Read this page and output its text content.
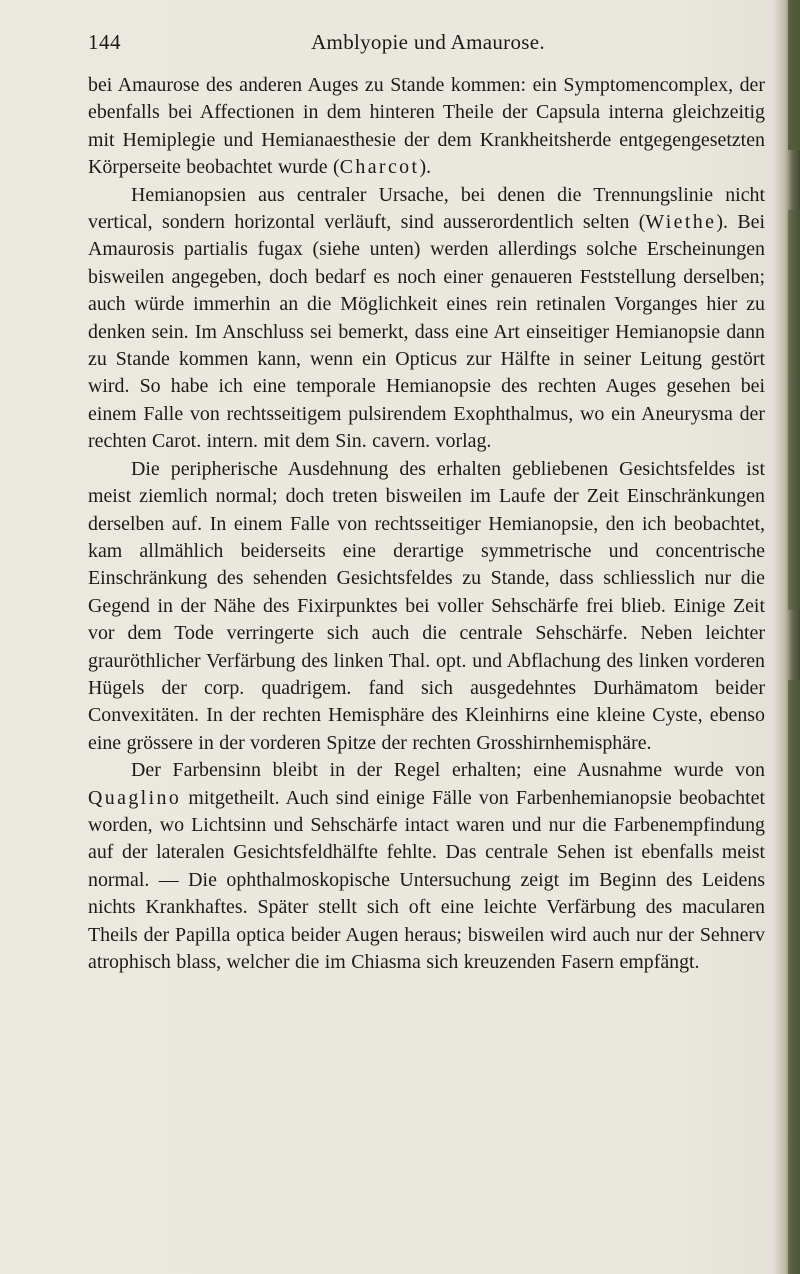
144	Amblyopie und Amaurose.

bei Amaurose des anderen Auges zu Stande kommen: ein Symptomencomplex, der ebenfalls bei Affectionen in dem hinteren Theile der Capsula interna gleichzeitig mit Hemiplegie und Hemianaesthesie der dem Krankheitsherde entgegengesetzten Körperseite beobachtet wurde (Charcot).

Hemianopsien aus centraler Ursache, bei denen die Trennungslinie nicht vertical, sondern horizontal verläuft, sind ausserordentlich selten (Wiethe). Bei Amaurosis partialis fugax (siehe unten) werden allerdings solche Erscheinungen bisweilen angegeben, doch bedarf es noch einer genaueren Feststellung derselben; auch würde immerhin an die Möglichkeit eines rein retinalen Vorganges hier zu denken sein. Im Anschluss sei bemerkt, dass eine Art einseitiger Hemianopsie dann zu Stande kommen kann, wenn ein Opticus zur Hälfte in seiner Leitung gestört wird. So habe ich eine temporale Hemianopsie des rechten Auges gesehen bei einem Falle von rechtsseitigem pulsirendem Exophthalmus, wo ein Aneurysma der rechten Carot. intern. mit dem Sin. cavern. vorlag.

Die peripherische Ausdehnung des erhalten gebliebenen Gesichtsfeldes ist meist ziemlich normal; doch treten bisweilen im Laufe der Zeit Einschränkungen derselben auf. In einem Falle von rechtsseitiger Hemianopsie, den ich beobachtet, kam allmählich beiderseits eine derartige symmetrische und concentrische Einschränkung des sehenden Gesichtsfeldes zu Stande, dass schliesslich nur die Gegend in der Nähe des Fixirpunktes bei voller Sehschärfe frei blieb. Einige Zeit vor dem Tode verringerte sich auch die centrale Sehschärfe. Neben leichter grauröthlicher Verfärbung des linken Thal. opt. und Abflachung des linken vorderen Hügels der corp. quadrigem. fand sich ausgedehntes Durhämatom beider Convexitäten. In der rechten Hemisphäre des Kleinhirns eine kleine Cyste, ebenso eine grössere in der vorderen Spitze der rechten Grosshirnhemisphäre.

Der Farbensinn bleibt in der Regel erhalten; eine Ausnahme wurde von Quaglino mitgetheilt. Auch sind einige Fälle von Farbenhemianopsie beobachtet worden, wo Lichtsinn und Sehschärfe intact waren und nur die Farbenempfindung auf der lateralen Gesichtsfeldhälfte fehlte. Das centrale Sehen ist ebenfalls meist normal. — Die ophthalmoskopische Untersuchung zeigt im Beginn des Leidens nichts Krankhaftes. Später stellt sich oft eine leichte Verfärbung des macularen Theils der Papilla optica beider Augen heraus; bisweilen wird auch nur der Sehnerv atrophisch blass, welcher die im Chiasma sich kreuzenden Fasern empfängt.
